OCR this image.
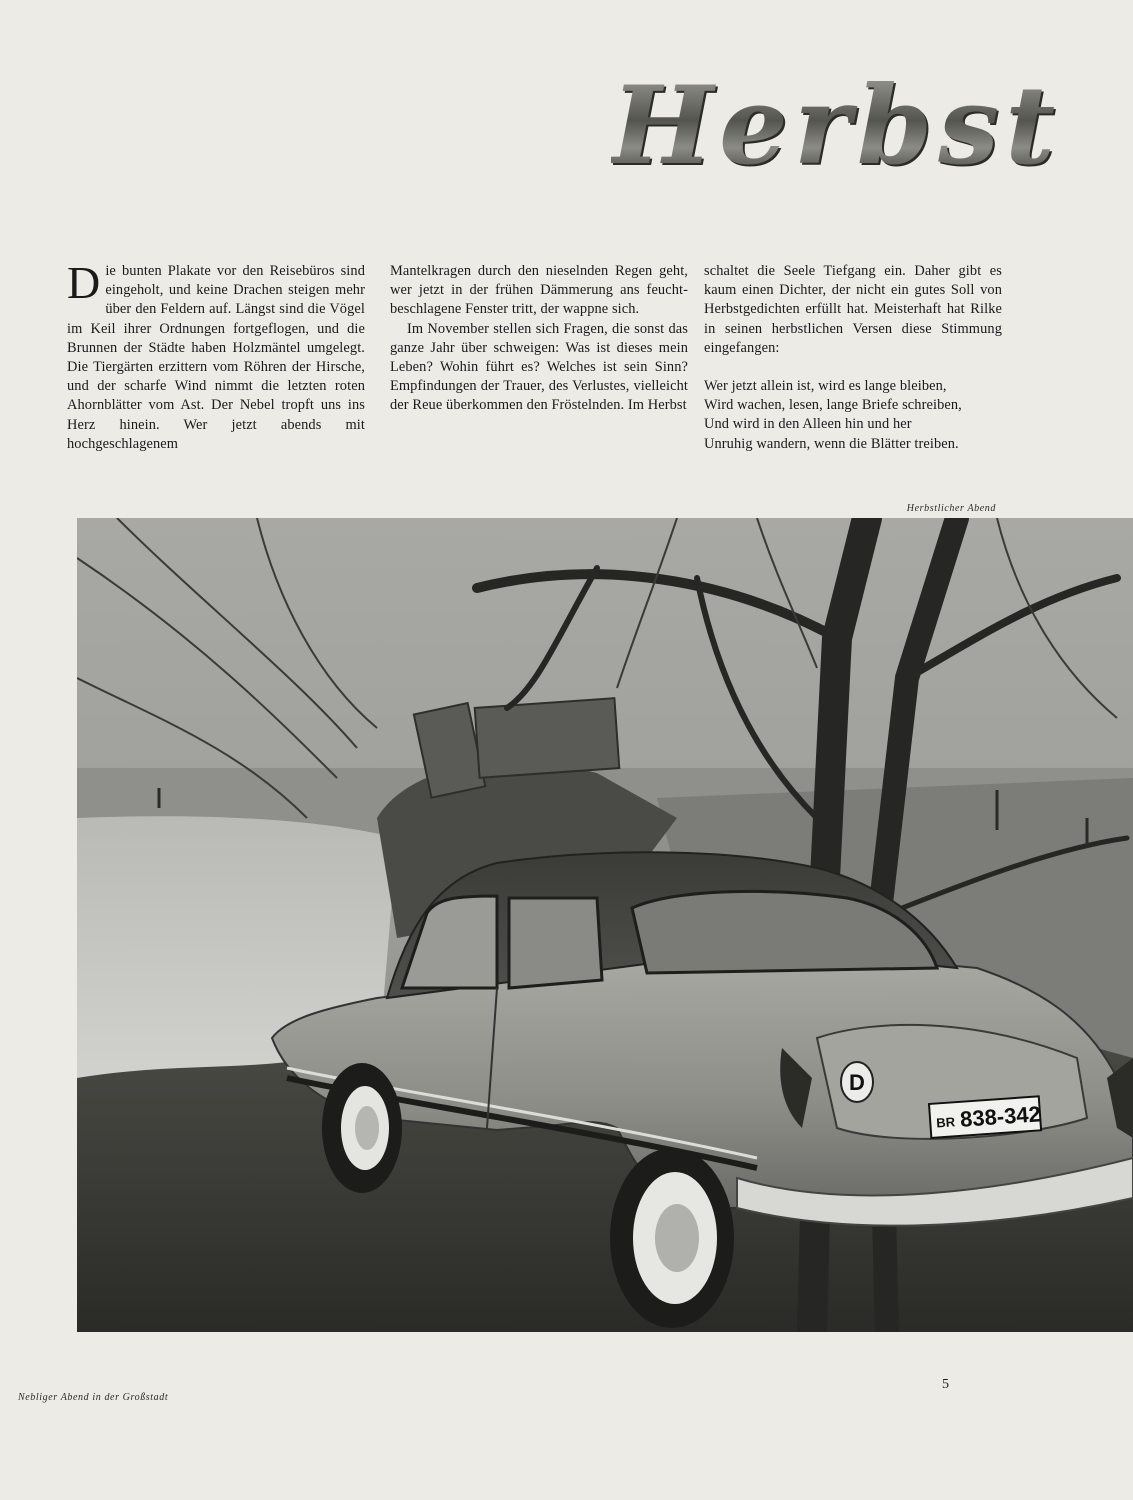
Herbst

Die bunten Plakate vor den Reisebüros sind eingeholt, und keine Drachen steigen mehr über den Feldern auf. Längst sind die Vögel im Keil ihrer Ordnungen fortgeflogen, und die Brunnen der Städte haben Holzmäntel umgelegt. Die Tiergärten erzittern vom Röhren der Hirsche, und der scharfe Wind nimmt die letzten roten Ahornblätter vom Ast. Der Nebel tropft uns ins Herz hinein. Wer jetzt abends mit hochgeschlagenem

Mantelkragen durch den nieselnden Regen geht, wer jetzt in der frühen Dämmerung ans feucht-beschlagene Fenster tritt, der wappne sich.

Im November stellen sich Fragen, die sonst das ganze Jahr über schweigen: Was ist dieses mein Leben? Wohin führt es? Welches ist sein Sinn? Empfindungen der Trauer, des Verlustes, vielleicht der Reue überkommen den Fröstelnden. Im Herbst

schaltet die Seele Tiefgang ein. Daher gibt es kaum einen Dichter, der nicht ein gutes Soll von Herbstgedichten erfüllt hat. Meisterhaft hat Rilke in seinen herbstlichen Versen diese Stimmung eingefangen:

Wer jetzt allein ist, wird es lange bleiben,
Wird wachen, lesen, lange Briefe schreiben,
Und wird in den Alleen hin und her
Unruhig wandern, wenn die Blätter treiben.
Herbstlicher Abend
D
BR 838-342
5
Nebliger Abend in der Großstadt
